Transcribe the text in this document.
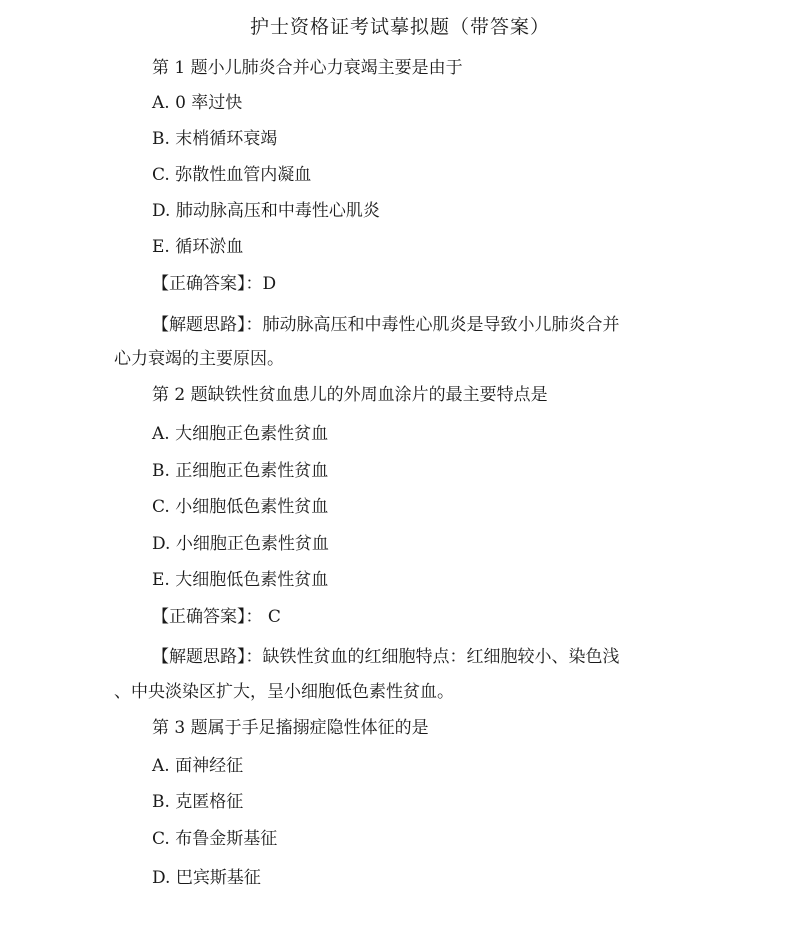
护士资格证考试摹拟题（带答案）
第 1 题小儿肺炎合并心力衰竭主要是由于
A. 0 率过快
B. 末梢循环衰竭
C. 弥散性血管内凝血
D. 肺动脉高压和中毒性心肌炎
E. 循环淤血
【正确答案】：D
【解题思路】：肺动脉高压和中毒性心肌炎是导致小儿肺炎合并
心力衰竭的主要原因。
第 2 题缺铁性贫血患儿的外周血涂片的最主要特点是
A. 大细胞正色素性贫血
B. 正细胞正色素性贫血
C. 小细胞低色素性贫血
D. 小细胞正色素性贫血
E. 大细胞低色素性贫血
【正确答案】： C
【解题思路】：缺铁性贫血的红细胞特点：红细胞较小、染色浅
、中央淡染区扩大，呈小细胞低色素性贫血。
第 3 题属于手足搐搦症隐性体征的是
A. 面神经征
B. 克匿格征
C. 布鲁金斯基征
D. 巴宾斯基征
